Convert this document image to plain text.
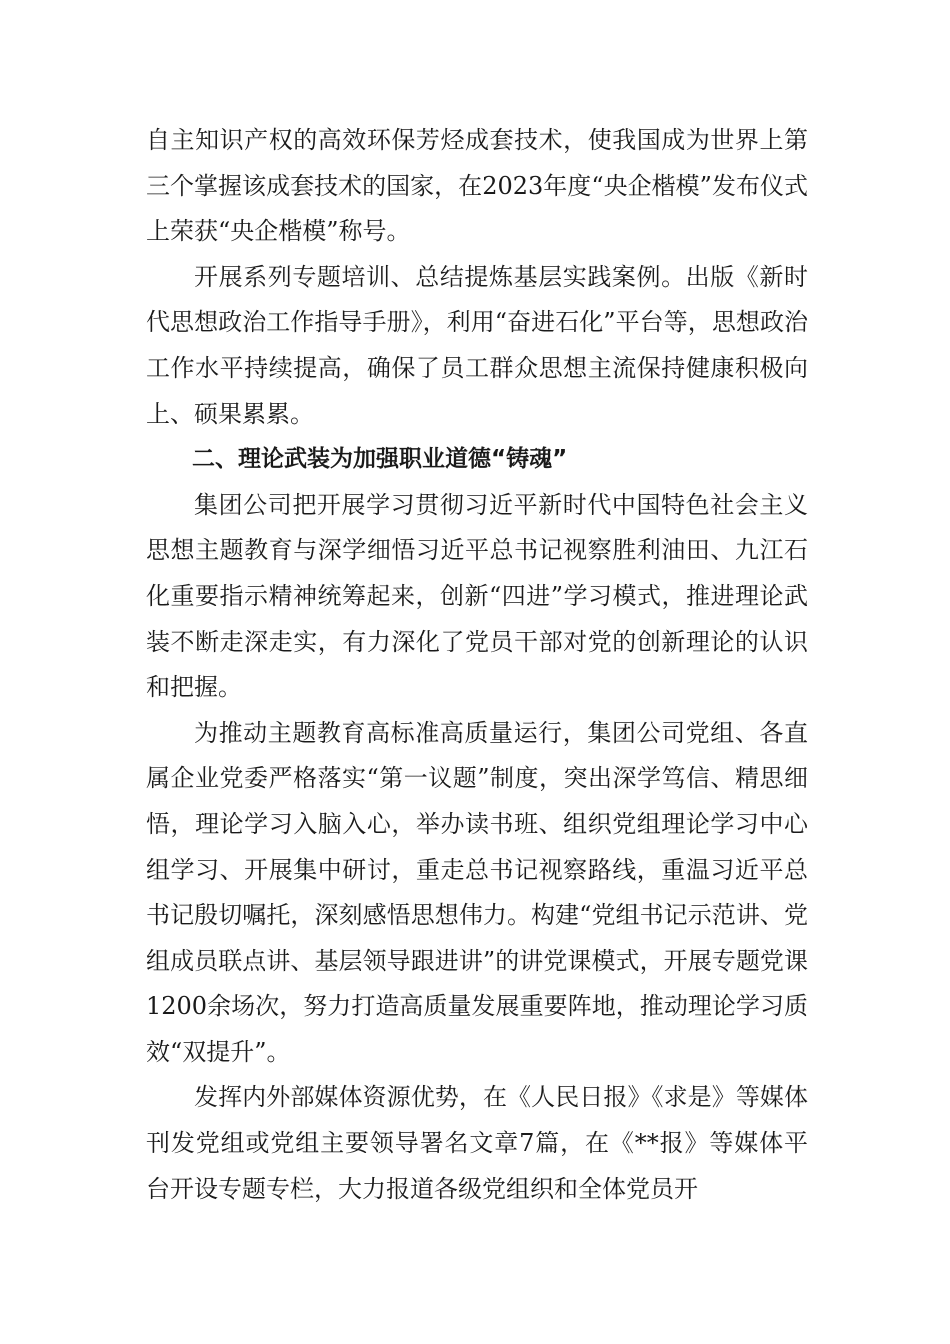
自主知识产权的高效环保芳烃成套技术，使我国成为世界上第三个掌握该成套技术的国家，在2023年度“央企楷模”发布仪式上荣获“央企楷模”称号。

开展系列专题培训、总结提炼基层实践案例。出版《新时代思想政治工作指导手册》，利用“奋进石化”平台等，思想政治工作水平持续提高，确保了员工群众思想主流保持健康积极向上、硕果累累。

二、理论武装为加强职业道德“铸魂”

集团公司把开展学习贯彻习近平新时代中国特色社会主义思想主题教育与深学细悟习近平总书记视察胜利油田、九江石化重要指示精神统筹起来，创新“四进”学习模式，推进理论武装不断走深走实，有力深化了党员干部对党的创新理论的认识和把握。

为推动主题教育高标准高质量运行，集团公司党组、各直属企业党委严格落实“第一议题”制度，突出深学笃信、精思细悟，理论学习入脑入心，举办读书班、组织党组理论学习中心组学习、开展集中研讨，重走总书记视察路线，重温习近平总书记殷切嘱托，深刻感悟思想伟力。构建“党组书记示范讲、党组成员联点讲、基层领导跟进讲”的讲党课模式，开展专题党课1200余场次，努力打造高质量发展重要阵地，推动理论学习质效“双提升”。

发挥内外部媒体资源优势，在《人民日报》《求是》等媒体刊发党组或党组主要领导署名文章7篇，在《**报》等媒体平台开设专题专栏，大力报道各级党组织和全体党员开
